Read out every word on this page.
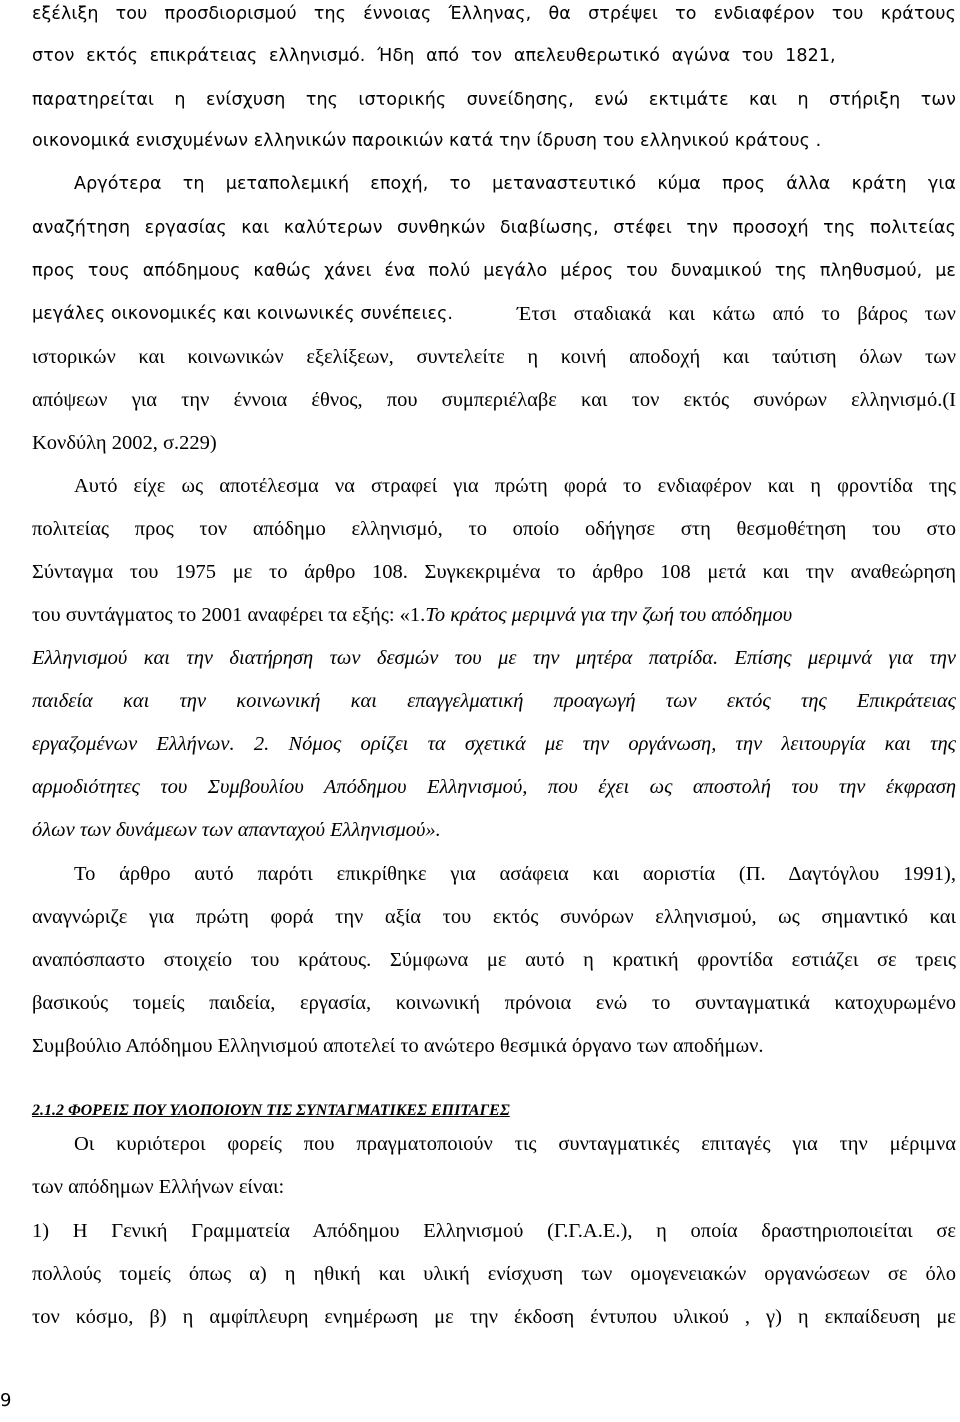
εξέλιξη του προσδιορισμού της έννοιας Έλληνας, θα στρέψει το ενδιαφέρον του κράτους
στον εκτός επικράτειας ελληνισμό. Ήδη από τον απελευθερωτικό αγώνα του 1821,
παρατηρείται η ενίσχυση της ιστορικής συνείδησης, ενώ εκτιμάτε και η στήριξη των
οικονομικά ενισχυμένων ελληνικών παροικιών κατά την ίδρυση του ελληνικού κράτους .
Αργότερα τη μεταπολεμική εποχή, το μεταναστευτικό κύμα προς άλλα κράτη για
αναζήτηση εργασίας και καλύτερων συνθηκών διαβίωσης, στέφει την προσοχή της πολιτείας
προς τους απόδημους καθώς χάνει ένα πολύ μεγάλο μέρος του δυναμικού της πληθυσμού, με
μεγάλες οικονομικές και κοινωνικές συνέπειες.	Έτσι σταδιακά και κάτω από το βάρος των
ιστορικών και κοινωνικών εξελίξεων, συντελείτε η κοινή αποδοχή και ταύτιση όλων των
απόψεων για την έννοια έθνος, που συμπεριέλαβε και τον εκτός συνόρων ελληνισμό.(Ι
Κονδύλη 2002, σ.229)
Αυτό είχε ως αποτέλεσμα να στραφεί για πρώτη φορά το ενδιαφέρον και η φροντίδα της
πολιτείας προς τον απόδημο ελληνισμό, το οποίο οδήγησε στη θεσμοθέτηση του στο
Σύνταγμα του 1975 με το άρθρο 108. Συγκεκριμένα το άρθρο 108 μετά και την αναθεώρηση
του συντάγματος το 2001 αναφέρει τα εξής: «1.Το κράτος μεριμνά για την ζωή του απόδημου
Ελληνισμού και την διατήρηση των δεσμών του με την μητέρα πατρίδα. Επίσης μεριμνά για την
παιδεία και την κοινωνική και επαγγελματική προαγωγή των εκτός της Επικράτειας
εργαζομένων Ελλήνων. 2. Νόμος ορίζει τα σχετικά με την οργάνωση, την λειτουργία και της
αρμοδιότητες του Συμβουλίου Απόδημου Ελληνισμού, που έχει ως αποστολή του την έκφραση
όλων των δυνάμεων των απανταχού Ελληνισμού».
Το άρθρο αυτό παρότι επικρίθηκε για ασάφεια και αοριστία (Π. Δαγτόγλου 1991),
αναγνώριζε για πρώτη φορά την αξία του εκτός συνόρων ελληνισμού, ως σημαντικό και
αναπόσπαστο στοιχείο του κράτους. Σύμφωνα με αυτό η κρατική φροντίδα εστιάζει σε τρεις
βασικούς τομείς παιδεία, εργασία, κοινωνική πρόνοια ενώ το συνταγματικά κατοχυρωμένο
Συμβούλιο Απόδημου Ελληνισμού αποτελεί το ανώτερο θεσμικά όργανο των αποδήμων.
2.1.2 ΦΟΡΕΙΣ ΠΟΥ ΥΛΟΠΟΙΟΥΝ ΤΙΣ ΣΥΝΤΑΓΜΑΤΙΚΕΣ ΕΠΙΤΑΓΕΣ
Οι κυριότεροι φορείς που πραγματοποιούν τις συνταγματικές επιταγές για την μέριμνα
των απόδημων Ελλήνων είναι:
1) Η Γενική Γραμματεία Απόδημου Ελληνισμού (Γ.Γ.Α.Ε.), η οποία δραστηριοποιείται σε
πολλούς τομείς όπως α) η ηθική και υλική ενίσχυση των ομογενειακών οργανώσεων σε όλο
τον κόσμο, β) η αμφίπλευρη ενημέρωση με την έκδοση έντυπου υλικού , γ) η εκπαίδευση με
9
